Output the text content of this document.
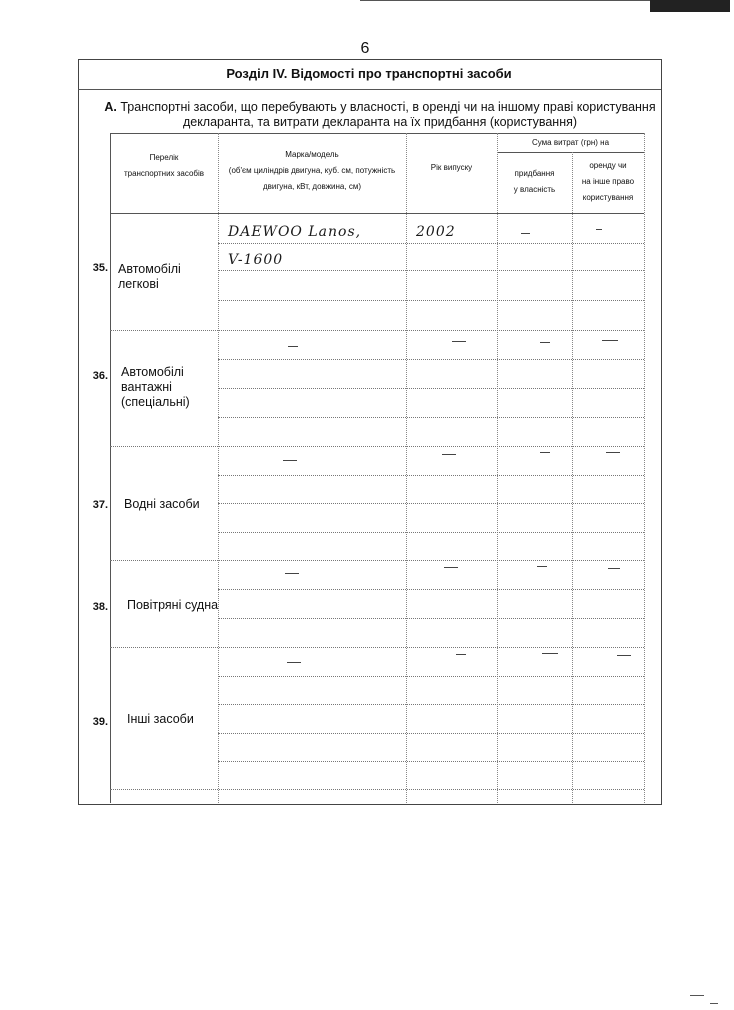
6
Розділ IV. Відомості про транспортні засоби
А. Транспортні засоби, що перебувають у власності, в оренді чи на іншому праві користування
декларанта, та витрати декларанта на їх придбання (користування)
Перелік
транспортних засобів
Марка/модель
(об'єм циліндрів двигуна, куб. см, потужність
двигуна, кВт, довжина, см)
Рік випуску
Сума витрат (грн) на
придбання
у власність
оренду чи
на інше право
користування
35. Автомобілі
легкові
DAEWOO Lanos,
V-1600
2002
36. Автомобілі
вантажні
(спеціальні)
37. Водні засоби
38. Повітряні судна
39. Інші засоби
